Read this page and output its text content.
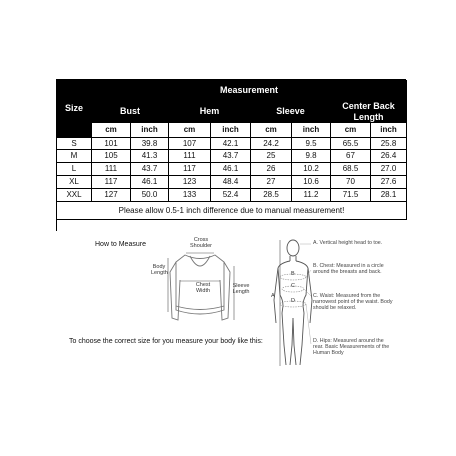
Size
Measurement
Bust	Hem	Sleeve	Center Back Length
cm	inch	cm	inch	cm	inch	cm	inch
S	101	39.8	107	42.1	24.2	9.5	65.5	25.8
M	105	41.3	111	43.7	25	9.8	67	26.4
L	111	43.7	117	46.1	26	10.2	68.5	27.0
XL	117	46.1	123	48.4	27	10.6	70	27.6
XXL	127	50.0	133	52.4	28.5	11.2	71.5	28.1
Please allow 0.5-1 inch difference due to manual measurement!
How to Measure
Cross Shoulder
Body Length
Chest Width
Sleeve Length
To choose the correct size for you measure your body like this:
A
B
C
D
A. Vertical height head to toe.
B. Chest: Measured in a circle around the breasts and back.
C. Waist: Measured from the narrowest point of the waist. Body should be relaxed.
D. Hips: Measured around the rear. Basic Measurements of the Human Body
